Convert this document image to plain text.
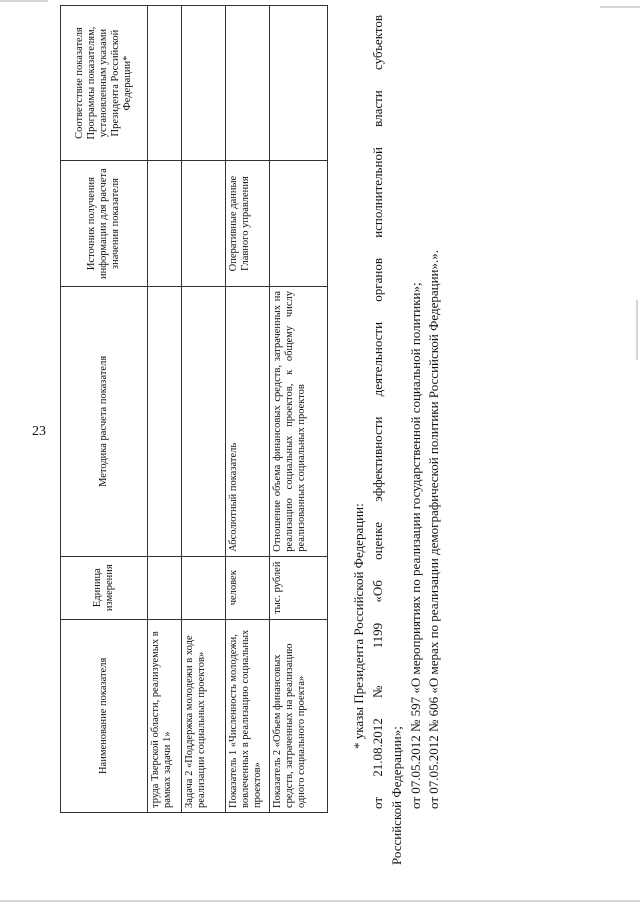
23
Наименование показателя	Единица измерения	Методика расчета показателя	Источник получения информации для расчета значения показателя	Соответствие показателя Программы показателям, установленным указами Президента Российской Федерации*
труда Тверской области, реализуемых в рамках задачи 1»				
Задача 2 «Поддержка молодежи в ходе реализации социальных проектов»				
Показатель 1 «Численность молодежи, вовлеченных в реализацию социальных проектов»	человек	Абсолютный показатель	Оперативные данные Главного управления	
Показатель 2 «Объем финансовых средств, затраченных на реализацию одного социального проекта»	тыс. рублей	Отношение объема финансовых средств, затраченных на реализацию социальных проектов, к общему числу реализованных социальных проектов		

* указы Президента Российской Федерации: от 21.08.2012 № 1199 «Об оценке эффективности деятельности органов исполнительной власти субъектов Российской Федерации»; от 07.05.2012 № 597 «О мероприятиях по реализации государственной социальной политики»; от 07.05.2012 № 606 «О мерах по реализации демографической политики Российской Федерации».».
